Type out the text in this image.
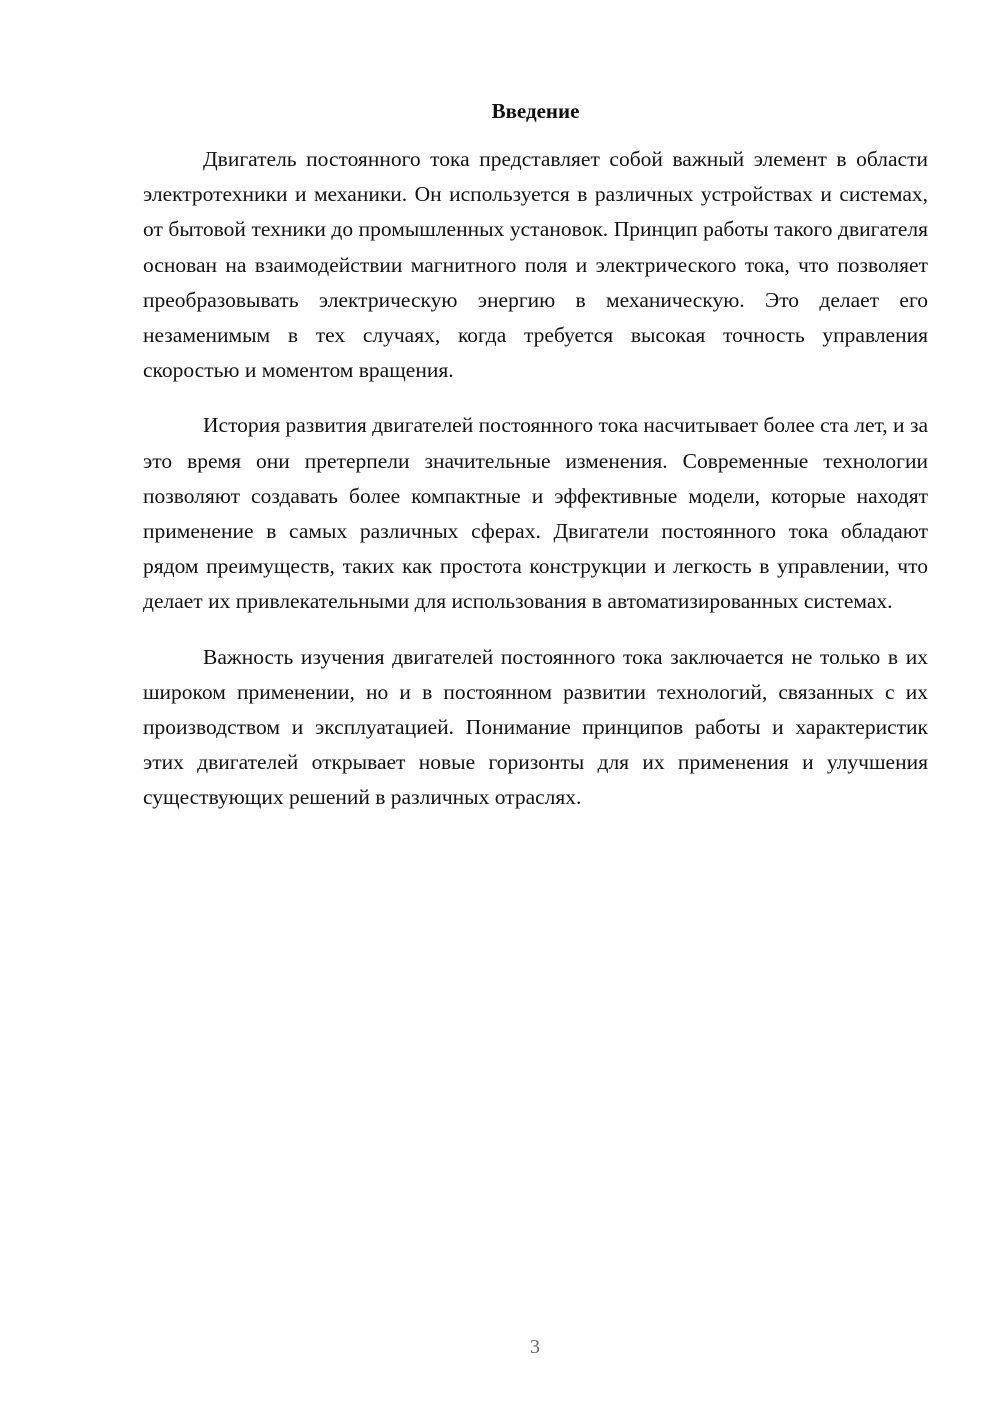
Введение

Двигатель постоянного тока представляет собой важный элемент в области электротехники и механики. Он используется в различных устройствах и системах, от бытовой техники до промышленных установок. Принцип работы такого двигателя основан на взаимодействии магнитного поля и электрического тока, что позволяет преобразовывать электрическую энергию в механическую. Это делает его незаменимым в тех случаях, когда требуется высокая точность управления скоростью и моментом вращения.

История развития двигателей постоянного тока насчитывает более ста лет, и за это время они претерпели значительные изменения. Современные технологии позволяют создавать более компактные и эффективные модели, которые находят применение в самых различных сферах. Двигатели постоянного тока обладают рядом преимуществ, таких как простота конструкции и легкость в управлении, что делает их привлекательными для использования в автоматизированных системах.

Важность изучения двигателей постоянного тока заключается не только в их широком применении, но и в постоянном развитии технологий, связанных с их производством и эксплуатацией. Понимание принципов работы и характеристик этих двигателей открывает новые горизонты для их применения и улучшения существующих решений в различных отраслях.

3
